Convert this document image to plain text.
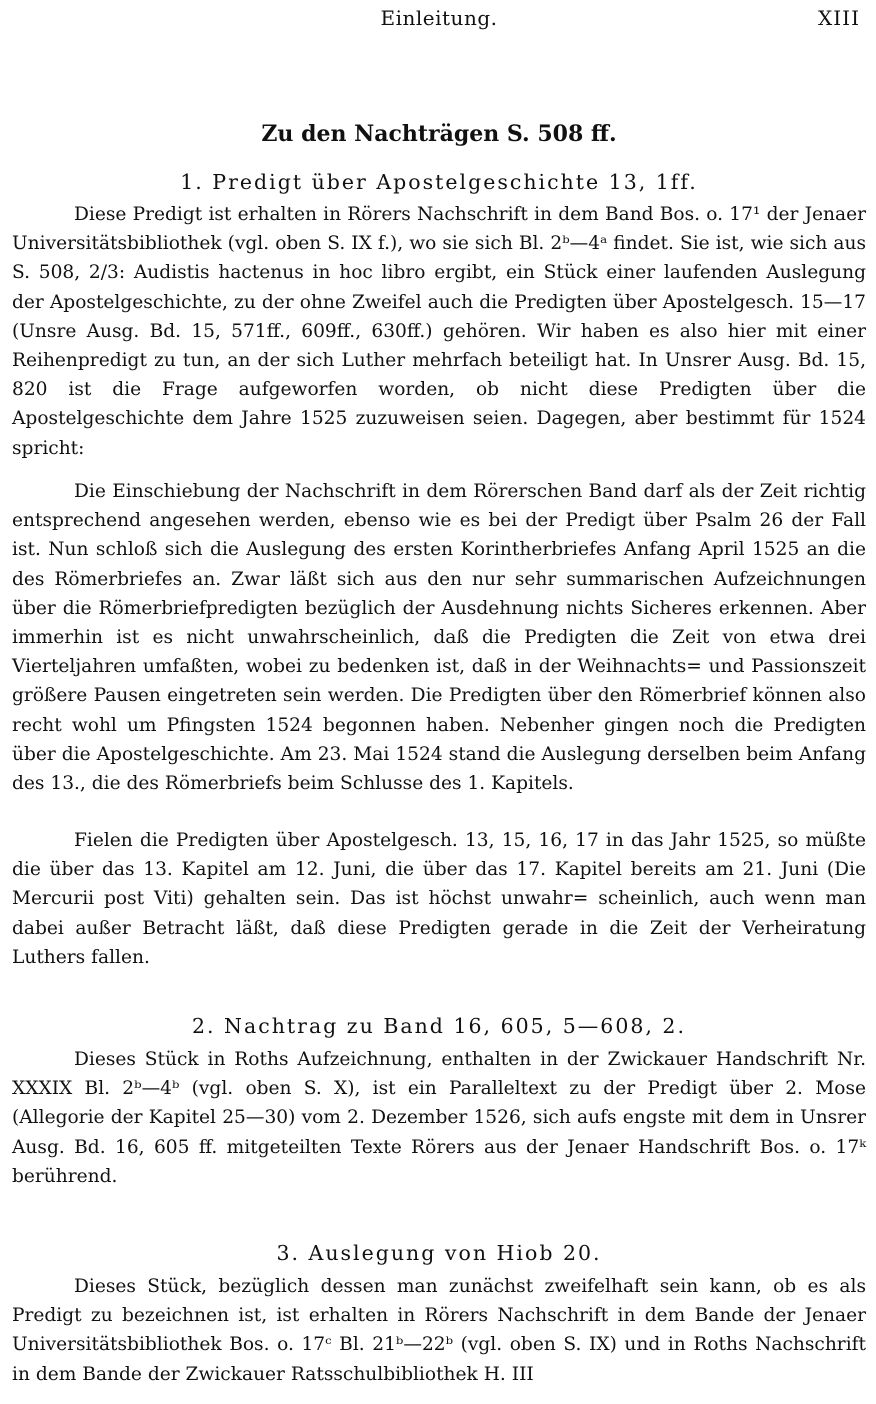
Einleitung.	XIII
Zu den Nachträgen S. 508 ff.
1. Predigt über Apostelgeschichte 13, 1ff.

Diese Predigt ist erhalten in Rörers Nachschrift in dem Band Bos. o. 17¹ der Jenaer Universitätsbibliothek (vgl. oben S. IX f.), wo sie sich Bl. 2ᵇ—4ᵃ findet. Sie ist, wie sich aus S. 508, 2/3: Audistis hactenus in hoc libro ergibt, ein Stück einer laufenden Auslegung der Apostelgeschichte, zu der ohne Zweifel auch die Predigten über Apostelgesch. 15—17 (Unsre Ausg. Bd. 15, 571ff., 609ff., 630ff.) gehören. Wir haben es also hier mit einer Reihenpredigt zu tun, an der sich Luther mehrfach beteiligt hat. In Unsrer Ausg. Bd. 15, 820 ist die Frage aufgeworfen worden, ob nicht diese Predigten über die Apostelgeschichte dem Jahre 1525 zuzuweisen seien. Dagegen, aber bestimmt für 1524 spricht:

Die Einschiebung der Nachschrift in dem Rörerschen Band darf als der Zeit richtig entsprechend angesehen werden, ebenso wie es bei der Predigt über Psalm 26 der Fall ist. Nun schloß sich die Auslegung des ersten Korintherbriefes Anfang April 1525 an die des Römerbriefes an. Zwar läßt sich aus den nur sehr summarischen Aufzeichnungen über die Römerbriefpredigten bezüglich der Ausdehnung nichts Sicheres erkennen. Aber immerhin ist es nicht unwahrscheinlich, daß die Predigten die Zeit von etwa drei Vierteljahren umfaßten, wobei zu bedenken ist, daß in der Weihnachts= und Passionszeit größere Pausen eingetreten sein werden. Die Predigten über den Römerbrief können also recht wohl um Pfingsten 1524 begonnen haben. Nebenher gingen noch die Predigten über die Apostelgeschichte. Am 23. Mai 1524 stand die Auslegung derselben beim Anfang des 13., die des Römerbriefs beim Schlusse des 1. Kapitels.

Fielen die Predigten über Apostelgesch. 13, 15, 16, 17 in das Jahr 1525, so müßte die über das 13. Kapitel am 12. Juni, die über das 17. Kapitel bereits am 21. Juni (Die Mercurii post Viti) gehalten sein. Das ist höchst unwahr= scheinlich, auch wenn man dabei außer Betracht läßt, daß diese Predigten gerade in die Zeit der Verheiratung Luthers fallen.

2. Nachtrag zu Band 16, 605, 5—608, 2.

Dieses Stück in Roths Aufzeichnung, enthalten in der Zwickauer Handschrift Nr. XXXIX Bl. 2ᵇ—4ᵇ (vgl. oben S. X), ist ein Paralleltext zu der Predigt über 2. Mose (Allegorie der Kapitel 25—30) vom 2. Dezember 1526, sich aufs engste mit dem in Unsrer Ausg. Bd. 16, 605 ff. mitgeteilten Texte Rörers aus der Jenaer Handschrift Bos. o. 17ᵏ berührend.

3. Auslegung von Hiob 20.

Dieses Stück, bezüglich dessen man zunächst zweifelhaft sein kann, ob es als Predigt zu bezeichnen ist, ist erhalten in Rörers Nachschrift in dem Bande der Jenaer Universitätsbibliothek Bos. o. 17ᶜ Bl. 21ᵇ—22ᵇ (vgl. oben S. IX) und in Roths Nachschrift in dem Bande der Zwickauer Ratsschulbibliothek H. III
